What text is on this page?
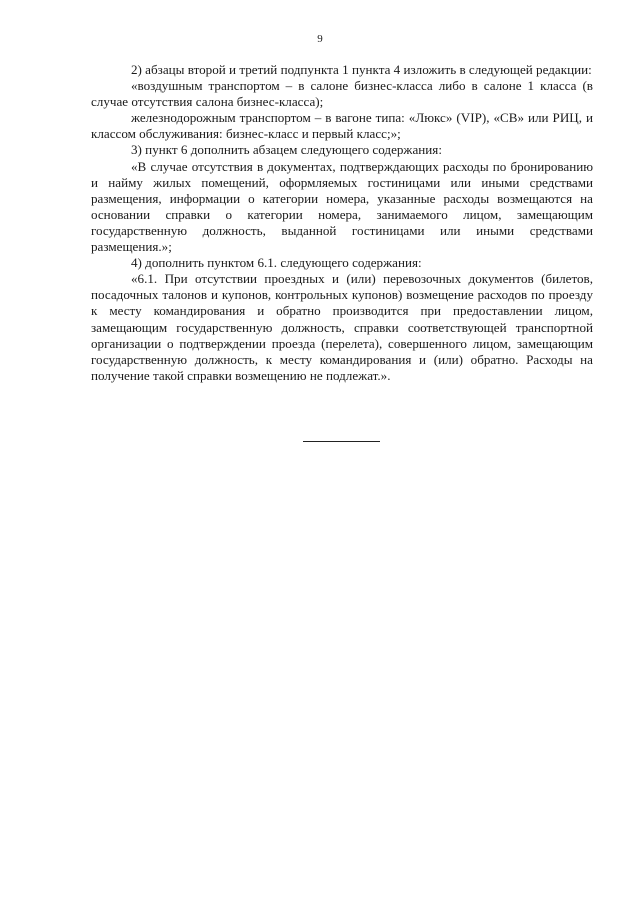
9

2) абзацы второй и третий подпункта 1 пункта 4 изложить в следующей редакции:

«воздушным транспортом – в салоне бизнес-класса либо в салоне 1 класса (в случае отсутствия салона бизнес-класса);

железнодорожным транспортом – в вагоне типа: «Люкс» (VIP), «СВ» или РИЦ, и классом обслуживания: бизнес-класс и первый класс;»;

3) пункт 6 дополнить абзацем следующего содержания:

«В случае отсутствия в документах, подтверждающих расходы по бронированию и найму жилых помещений, оформляемых гостиницами или иными средствами размещения, информации о категории номера, указанные расходы возмещаются на основании справки о категории номера, занимаемого лицом, замещающим государственную должность, выданной гостиницами или иными средствами размещения.»;

4) дополнить пунктом 6.1. следующего содержания:

«6.1. При отсутствии проездных и (или) перевозочных документов (билетов, посадочных талонов и купонов, контрольных купонов) возмещение расходов по проезду к месту командирования и обратно производится при предоставлении лицом, замещающим государственную должность, справки соответствующей транспортной организации о подтверждении проезда (перелета), совершенного лицом, замещающим государственную должность, к месту командирования и (или) обратно. Расходы на получение такой справки возмещению не подлежат.».
